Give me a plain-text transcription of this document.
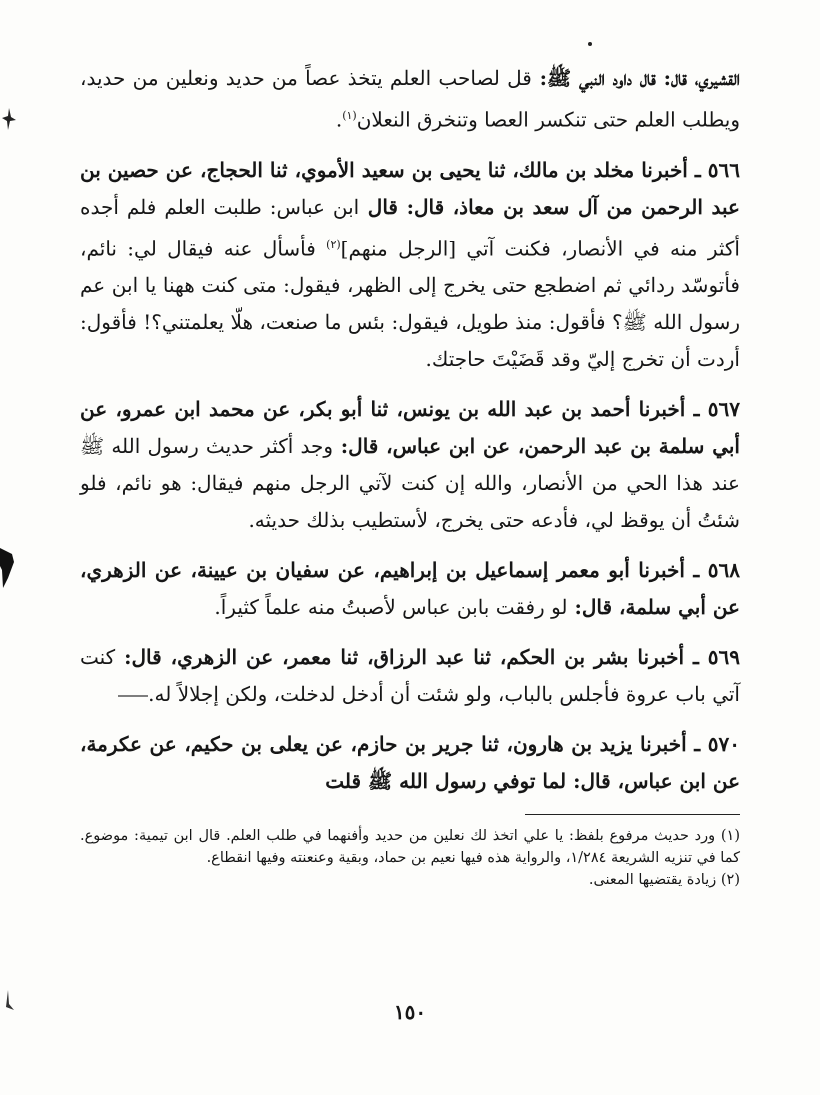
القشيري، قال: قال داود النبي ﷺ: قل لصاحب العلم يتخذ عصاً من حديد ونعلين من حديد، ويطلب العلم حتى تنكسر العصا وتنخرق النعلان$^{(١)}$.

٥٦٦ ـ أخبرنا مخلد بن مالك، ثنا يحيى بن سعيد الأموي، ثنا الحجاج، عن حصين بن عبد الرحمن من آل سعد بن معاذ، قال: قال ابن عباس: طلبت العلم فلم أجده أكثر منه في الأنصار، فكنت آتي [الرجل منهم]$^{(٢)}$ فأسأل عنه فيقال لي: نائم، فأتوسّد ردائي ثم اضطجع حتى يخرج إلى الظهر، فيقول: متى كنت ههنا يا ابن عم رسول الله ﷺ؟ فأقول: منذ طويل، فيقول: بئس ما صنعت، هلّا يعلمتني؟! فأقول: أردت أن تخرج إليّ وقد قَضَيْتَ حاجتك.

٥٦٧ ـ أخبرنا أحمد بن عبد الله بن يونس، ثنا أبو بكر، عن محمد ابن عمرو، عن أبي سلمة بن عبد الرحمن، عن ابن عباس، قال: وجد أكثر حديث رسول الله ﷺ عند هذا الحي من الأنصار، والله إن كنت لآتي الرجل منهم فيقال: هو نائم، فلو شئتُ أن يوقظ لي، فأدعه حتى يخرج، لأستطيب بذلك حديثه.

٥٦٨ ـ أخبرنا أبو معمر إسماعيل بن إبراهيم، عن سفيان بن عيينة، عن الزهري، عن أبي سلمة، قال: لو رفقت بابن عباس لأصبتُ منه علماً كثيراً.

٥٦٩ ـ أخبرنا بشر بن الحكم، ثنا عبد الرزاق، ثنا معمر، عن الزهري، قال: كنت آتي باب عروة فأجلس بالباب، ولو شئت أن أدخل لدخلت، ولكن إجلالاً له.

٥٧٠ ـ أخبرنا يزيد بن هارون، ثنا جرير بن حازم، عن يعلى بن حكيم، عن عكرمة، عن ابن عباس، قال: لما توفي رسول الله ﷺ قلت

(١) ورد حديث مرفوع بلفظ: يا علي اتخذ لك نعلين من حديد وأفنهما في طلب العلم. قال ابن تيمية: موضوع. كما في تنزيه الشريعة ١/٢٨٤، والرواية هذه فيها نعيم بن حماد، وبقية وعنعنته وفيها انقطاع.

(٢) زيادة يقتضيها المعنى.

١٥٠
